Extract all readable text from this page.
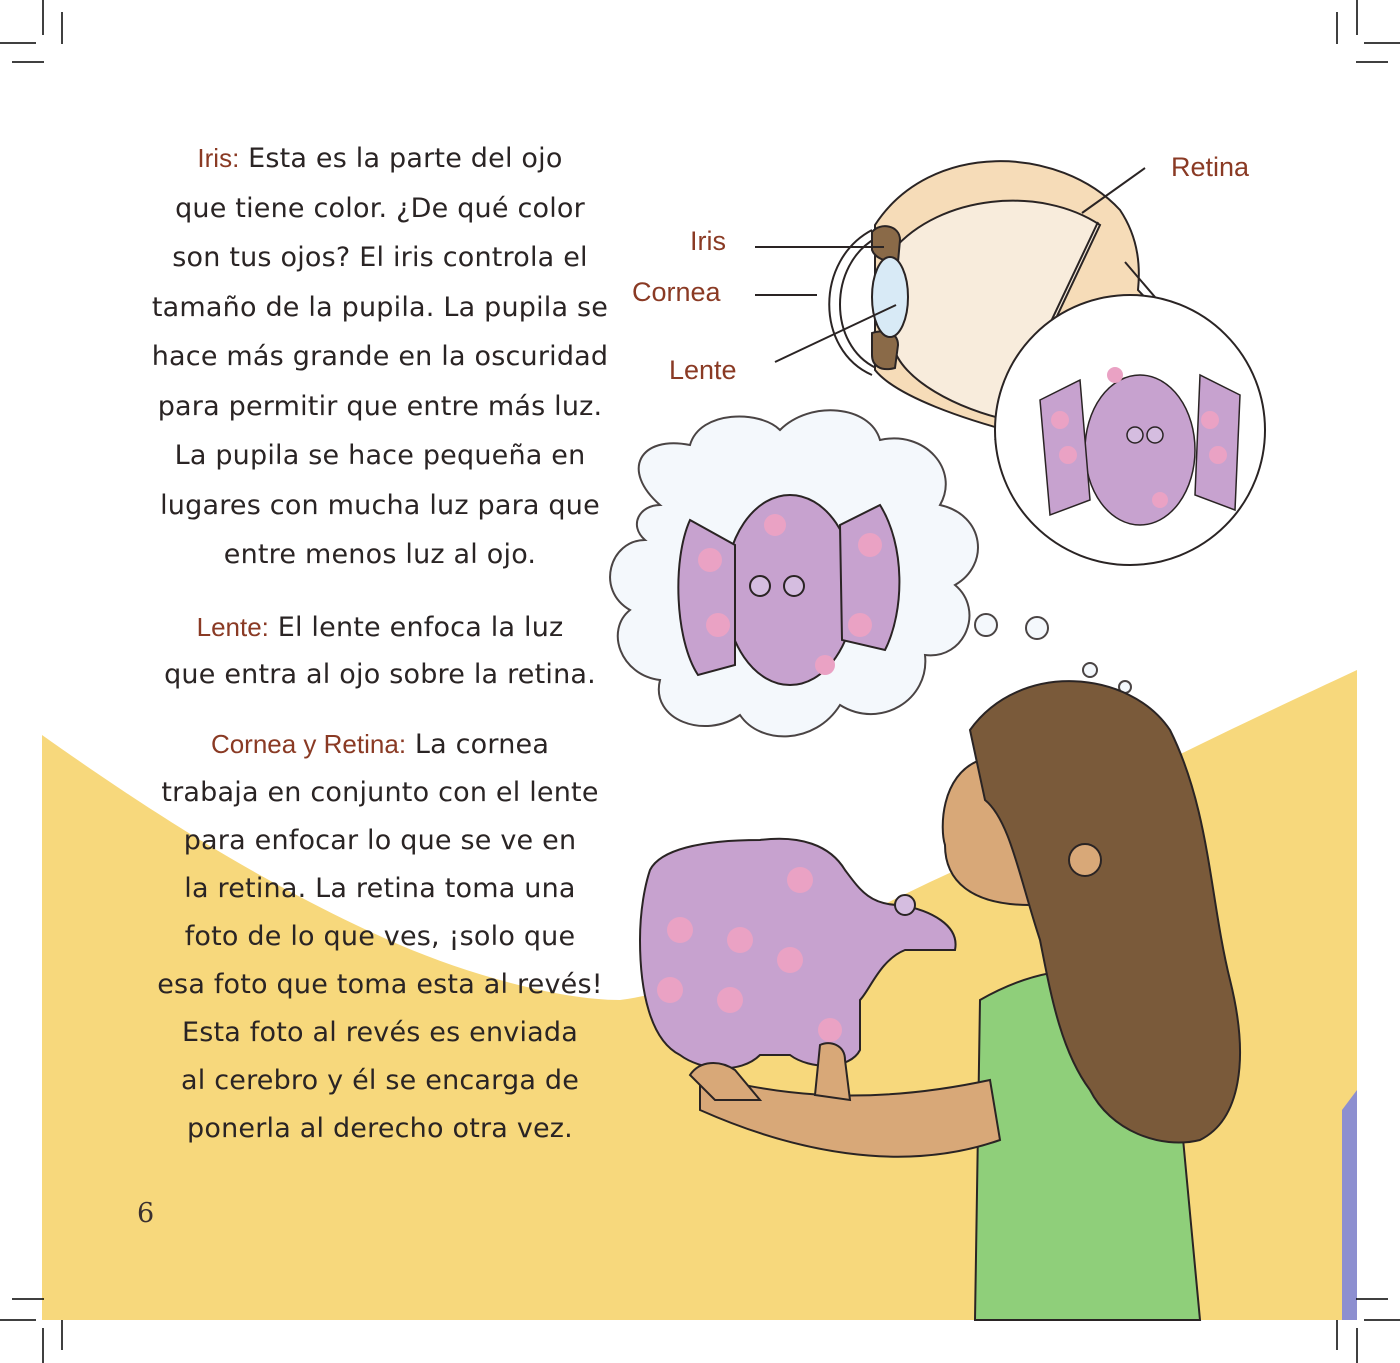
Retina
Iris
Cornea
Lente
Iris: Esta es la parte del ojo
que tiene color. ¿De qué color
son tus ojos? El iris controla el
tamaño de la pupila. La pupila se
hace más grande en la oscuridad
para permitir que entre más luz.
La pupila se hace pequeña en
lugares con mucha luz para que
entre menos luz al ojo.
Lente: El lente enfoca la luz
que entra al ojo sobre la retina.
Cornea y Retina: La cornea
trabaja en conjunto con el lente
para enfocar lo que se ve en
la retina. La retina toma una
foto de lo que ves, ¡solo que
esa foto que toma esta al revés!
Esta foto al revés es enviada
al cerebro y él se encarga de
ponerla al derecho otra vez.
6
